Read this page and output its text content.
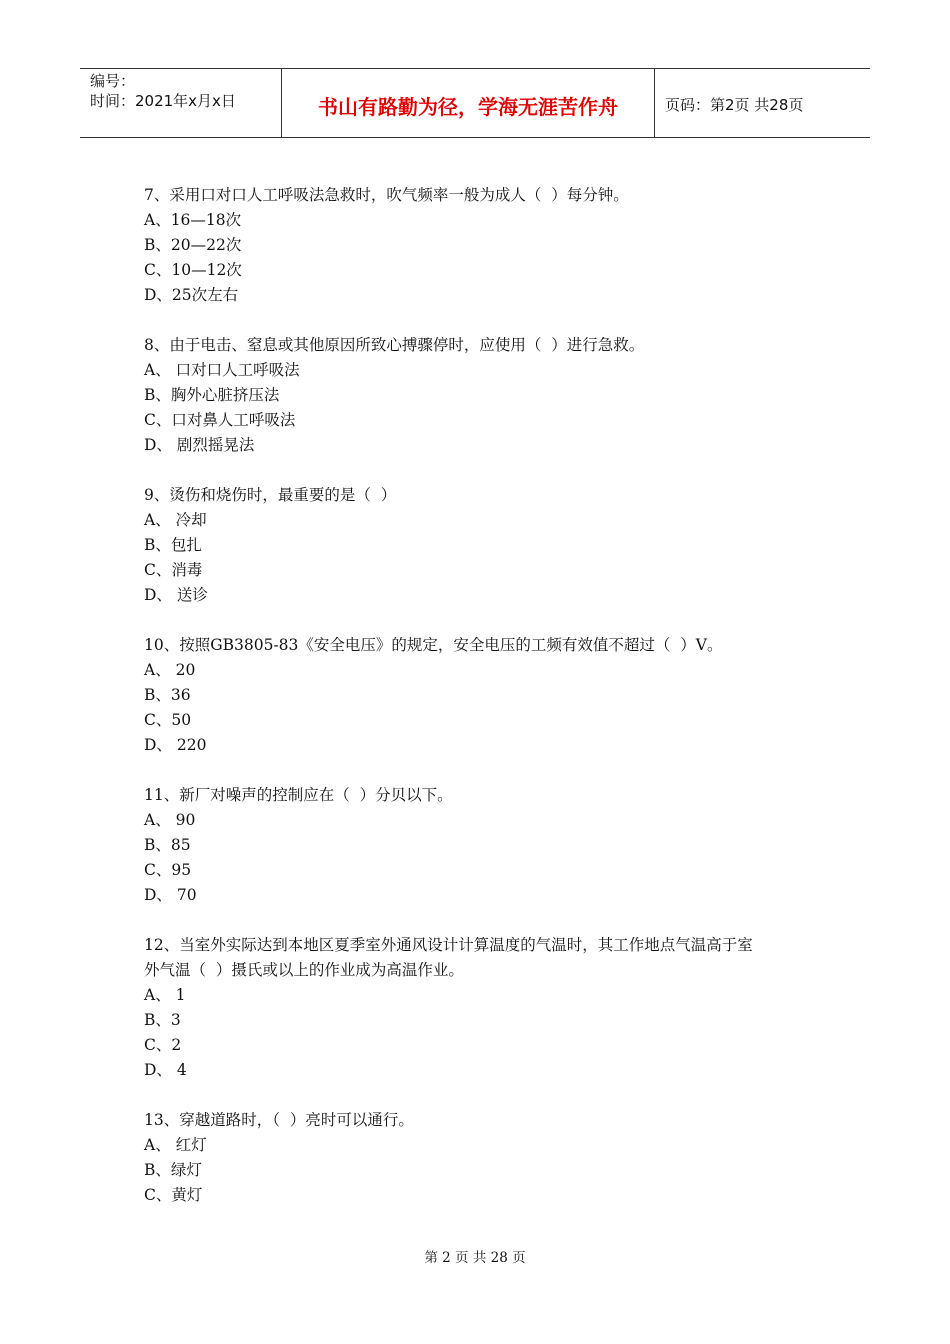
编号：
时间：2021年x月x日	书山有路勤为径，学海无涯苦作舟	页码：第2页 共28页
7、采用口对口人工呼吸法急救时，吹气频率一般为成人（  ）每分钟。
A、16—18次
B、20—22次
C、10—12次
D、25次左右
8、由于电击、窒息或其他原因所致心搏骤停时，应使用（  ）进行急救。
A、 口对口人工呼吸法
B、胸外心脏挤压法
C、口对鼻人工呼吸法
D、 剧烈摇晃法
9、烫伤和烧伤时，最重要的是（  ）
A、 冷却
B、包扎
C、消毒
D、 送诊
10、按照GB3805-83《安全电压》的规定，安全电压的工频有效值不超过（  ）V。
A、 20
B、36
C、50
D、 220
11、新厂对噪声的控制应在（  ）分贝以下。
A、 90
B、85
C、95
D、 70
12、当室外实际达到本地区夏季室外通风设计计算温度的气温时，其工作地点气温高于室
外气温（  ）摄氏或以上的作业成为高温作业。
A、 1
B、3
C、2
D、 4
13、穿越道路时，（  ）亮时可以通行。
A、 红灯
B、绿灯
C、黄灯
第 2 页 共 28 页
